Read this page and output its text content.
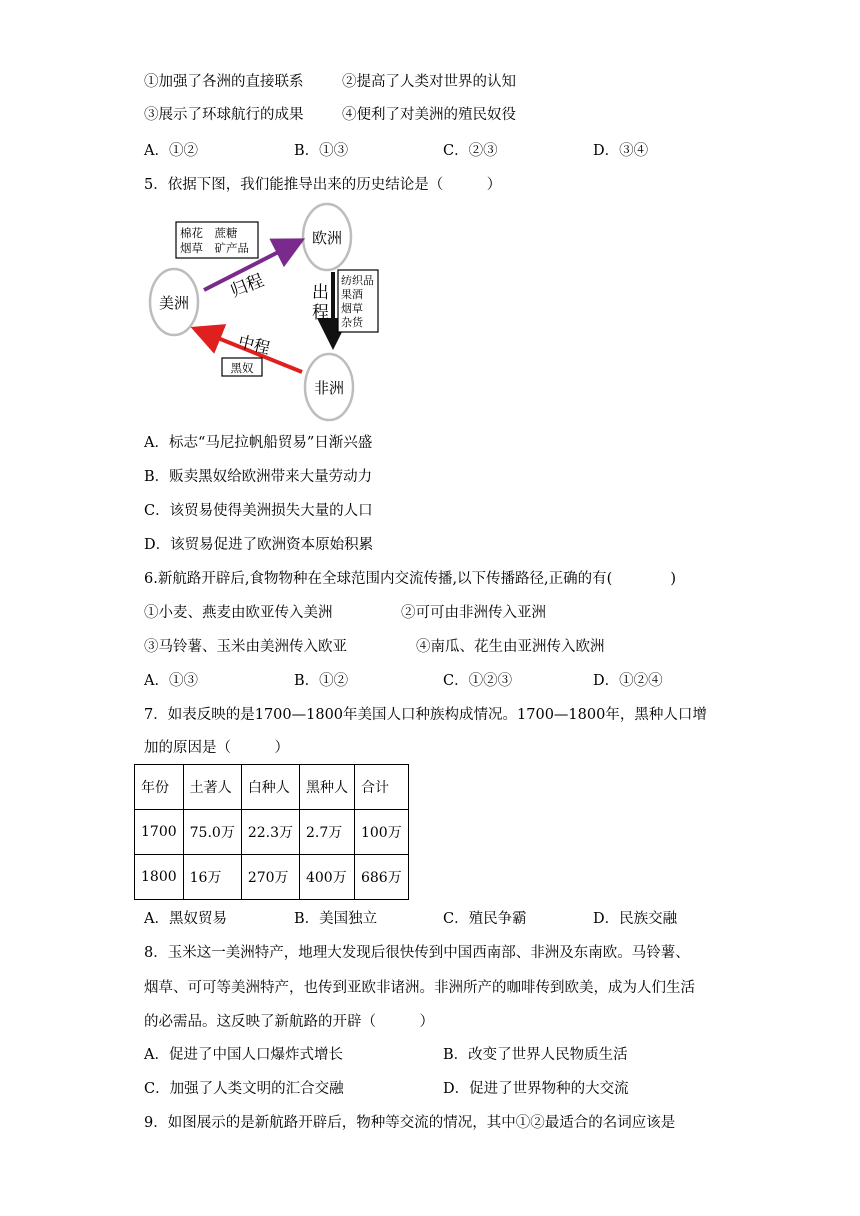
①加强了各洲的直接联系	②提高了人类对世界的认知
③展示了环球航行的成果	④便利了对美洲的殖民奴役
A．①②	B．①③	C．②③	D．③④
5．依据下图，我们能推导出来的历史结论是（　　　）
欧洲
美洲
非洲
棉花　蔗糖
烟草　矿产品
纺织品
果酒
烟草
杂货
黑奴
归程	出
程
中程
A．标志“马尼拉帆船贸易”日渐兴盛
B．贩卖黑奴给欧洲带来大量劳动力
C．该贸易使得美洲损失大量的人口
D．该贸易促进了欧洲资本原始积累
6.新航路开辟后,食物物种在全球范围内交流传播,以下传播路径,正确的有(　　　　)
①小麦、燕麦由欧亚传入美洲	②可可由非洲传入亚洲
③马铃薯、玉米由美洲传入欧亚	④南瓜、花生由亚洲传入欧洲
A．①③	B．①②	C．①②③	D．①②④
7．如表反映的是1700—1800年美国人口种族构成情况。1700—1800年，黑种人口增
加的原因是（　　　）
年份	土著人	白种人	黑种人	合计
1700	75.0万	22.3万	2.7万	100万
1800	16万	270万	400万	686万
A．黑奴贸易	B．美国独立	C．殖民争霸	D．民族交融
8．玉米这一美洲特产，地理大发现后很快传到中国西南部、非洲及东南欧。马铃薯、
烟草、可可等美洲特产，也传到亚欧非诸洲。非洲所产的咖啡传到欧美，成为人们生活
的必需品。这反映了新航路的开辟（　　　）
A．促进了中国人口爆炸式增长	B．改变了世界人民物质生活
C．加强了人类文明的汇合交融	D．促进了世界物种的大交流
9．如图展示的是新航路开辟后，物种等交流的情况，其中①②最适合的名词应该是
